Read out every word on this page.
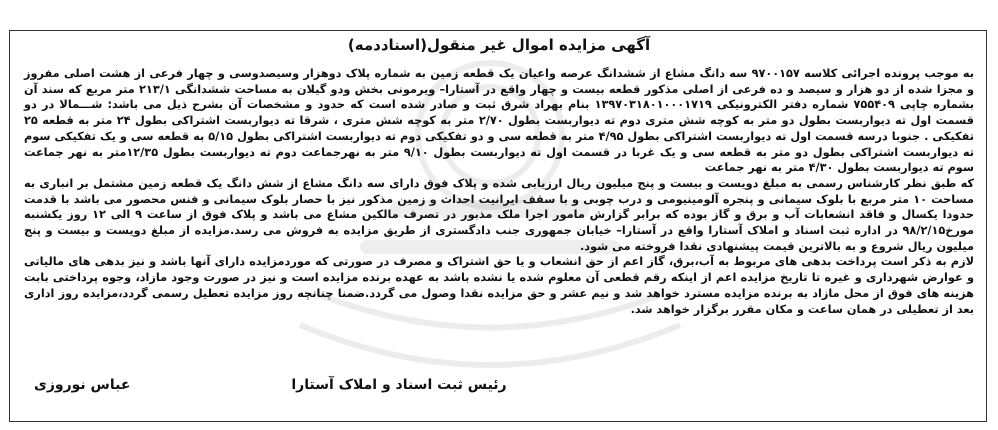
آگهی مزایده اموال غیر منقول(اسناددمه)

به موجب پرونده اجرائی کلاسه ۹۷۰۰۱۵۷ سه دانگ مشاع از ششدانگ عرصه واعیان یک قطعه زمین به شماره پلاک دوهزار وسیصدوسی و چهار فرعی از هشت اصلی مفروز و مجزا شده از دو هزار و سیصد و ده فرعی از اصلی مذکور قطعه بیست و چهار واقع در آستارا– ویرمونی بخش ودو گیلان به مساحت ششدانگی ۲۱۳/۱ متر مربع که سند آن بشماره چاپی ۷۵۵۴۰۹ شماره دفتر الکترونیکی ۱۳۹۷۰۳۱۸۰۱۰۰۰۱۷۱۹ بنام بهراد شرق ثبت و صادر شده است که حدود و مشخصات آن بشرح ذیل می باشد: شـــمالا در دو قسمت اول ته دیواربست بطول دو متر به کوچه شش متری دوم ته دیواربست بطول ۲/۷۰ متر به کوچه شش متری ، شرقا ته دیواربست اشتراکی بطول ۲۴ متر به قطعه ۲۵ تفکیکی . جنوبا درسه قسمت اول ته دیواربست اشتراکی بطول ۴/۹۵ متر به قطعه سی و دو تفکیکی دوم ته دیواربست اشتراکی بطول ۵/۱۵ به قطعه سی و یک تفکیکی سوم ته دیواربست اشتراکی بطول دو متر به قطعه سی و یک غربا در قسمت اول ته دیواربست بطول ۹/۱۰ متر به نهرجماعت دوم ته دیواربست بطول ۱۲/۳۵متر به نهر جماعت سوم ته دیواربست بطول ۴/۳۰ متر به نهر جماعت

که طبق نظر کارشناس رسمی به مبلغ دویست و بیست و پنج میلیون ریال ارزیابی شده و پلاک فوق دارای سه دانگ مشاع از شش دانگ یک قطعه زمین مشتمل بر انباری به مساحت ۱۰ متر مربع با بلوک سیمانی و پنجره آلومینیومی و درب چوبی و با سقف ایرانیت احداث و زمین مذکور نیز با حصار بلوک سیمانی و فنس محصور می باشد با قدمت حدودا یکسال و فاقد انشعابات آب و برق و گاز بوده که برابر گزارش مامور اجرا ملک مذبور در تصرف مالکین مشاع می باشد و پلاک فوق از ساعت ۹ الی ۱۲ روز یکشنبه مورخ۹۸/۲/۱۵ در اداره ثبت اسناد و املاک آستارا واقع در آستارا– خیابان جمهوری جنب دادگستری از طریق مزایده به فروش می رسد.مزایده از مبلغ دویست و بیست و پنج میلیون ریال شروع و به بالاترین قیمت پیشنهادی نقدا فروخته می شود.

لازم به ذکر است پرداخت بدهی های مربوط به آب،برق، گاز اعم از حق انشعاب و یا حق اشتراک و مصرف در صورتی که موردمزایده دارای آنها باشد و نیز بدهی های مالیاتی و عوارض شهرداری و غیره تا تاریخ مزایده اعم از اینکه رقم قطعی آن معلوم شده یا نشده باشد به عهده برنده مزایده است و نیز در صورت وجود مازاد، وجوه پرداختی بابت هزینه های فوق از محل مازاد به برنده مزایده مسترد خواهد شد و نیم عشر و حق مزایده نقدا وصول می گردد.ضمنا چنانچه روز مزایده تعطیل رسمی گردد،مزایده روز اداری بعد از تعطیلی در همان ساعت و مکان مقرر برگزار خواهد شد.

رئیس ثبت اسناد و املاک آستارا
عباس نوروزی
